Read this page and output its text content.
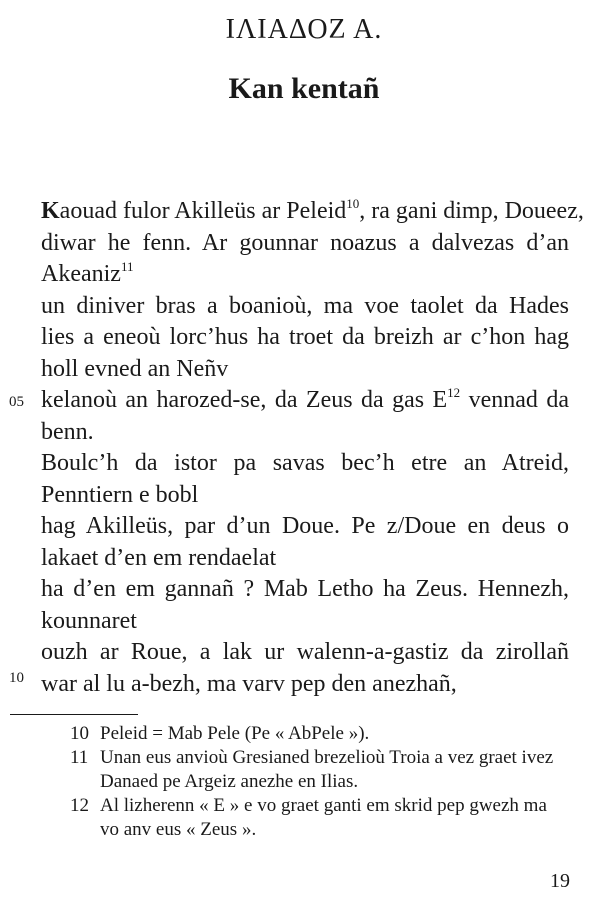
ΙΛΙΑΔΟΖ Α.
Kan kentañ
Kaouad fulor Akilleüs ar Peleid$^{10}$, ra gani dimp, Doueez,
diwar he fenn. Ar gounnar noazus a dalvezas d’an
Akeaniz$^{11}$
un diniver bras a boanioù, ma voe taolet da Hades
lies a eneoù lorc’hus ha troet da breizh ar c’hon hag
holl evned an Neñv
kelanoù an harozed-se, da Zeus da gas $E^{12}$ vennad da
benn.
Boulc’h da istor pa savas bec’h etre an Atreid,
Penntiern e bobl
hag Akilleüs, par d’un Doue. Pe z/Doue en deus o
lakaet d’en em rendaelat
ha d’en em gannañ ? Mab Letho ha Zeus. Hennezh,
kounnaret
ouzh ar Roue, a lak ur walenn-a-gastiz da zirollañ
war al lu a-bezh, ma varv pep den anezhañ,
05
10
10 Peleid = Mab Pele (Pe « AbPele »).
11 Unan eus anvioù Gresianed brezelioù Troia a vez graet ivez Danaed pe Argeiz anezhe en Ilias.
12 Al lizherenn « E » e vo graet ganti em skrid pep gwezh ma vo anv eus « Zeus ».
19
